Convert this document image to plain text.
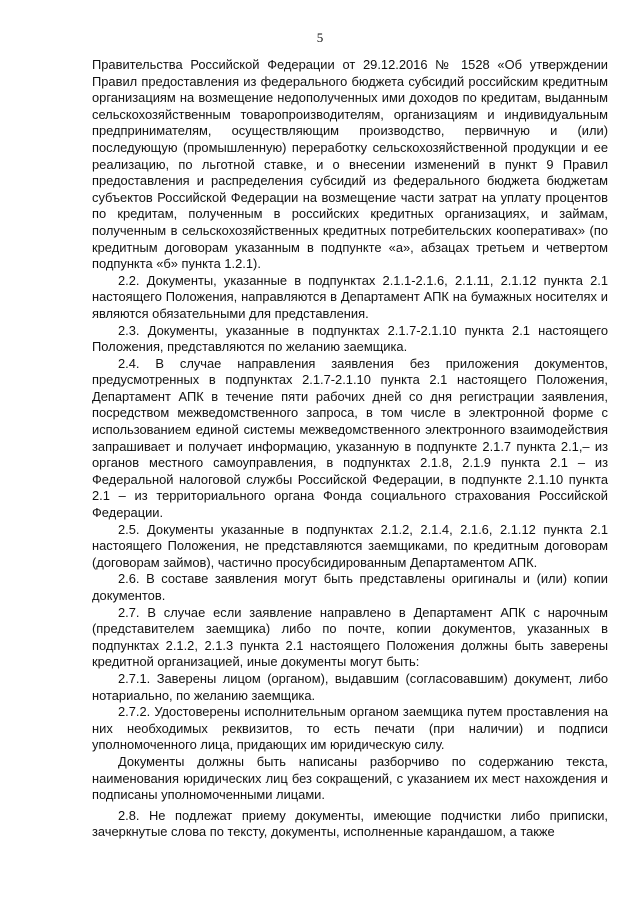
5

Правительства Российской Федерации от 29.12.2016 № 1528 «Об утверждении Правил предоставления из федерального бюджета субсидий российским кредитным организациям на возмещение недополученных ими доходов по кредитам, выданным сельскохозяйственным товаропроизводителям, организациям и индивидуальным предпринимателям, осуществляющим производство, первичную и (или) последующую (промышленную) переработку сельскохозяйственной продукции и ее реализацию, по льготной ставке, и о внесении изменений в пункт 9 Правил предоставления и распределения субсидий из федерального бюджета бюджетам субъектов Российской Федерации на возмещение части затрат на уплату процентов по кредитам, полученным в российских кредитных организациях, и займам, полученным в сельскохозяйственных кредитных потребительских кооперативах» (по кредитным договорам указанным в подпункте «а», абзацах третьем и четвертом подпункта «б» пункта 1.2.1).

2.2. Документы, указанные в подпунктах 2.1.1-2.1.6, 2.1.11, 2.1.12 пункта 2.1 настоящего Положения, направляются в Департамент АПК на бумажных носителях и являются обязательными для представления.

2.3. Документы, указанные в подпунктах 2.1.7-2.1.10 пункта 2.1 настоящего Положения, представляются по желанию заемщика.

2.4. В случае направления заявления без приложения документов, предусмотренных в подпунктах 2.1.7-2.1.10 пункта 2.1 настоящего Положения, Департамент АПК в течение пяти рабочих дней со дня регистрации заявления, посредством межведомственного запроса, в том числе в электронной форме с использованием единой системы межведомственного электронного взаимодействия запрашивает и получает информацию, указанную в подпункте 2.1.7 пункта 2.1,– из органов местного самоуправления, в подпунктах 2.1.8, 2.1.9 пункта 2.1 – из Федеральной налоговой службы Российской Федерации, в подпункте 2.1.10 пункта 2.1 – из территориального органа Фонда социального страхования Российской Федерации.

2.5. Документы указанные в подпунктах 2.1.2, 2.1.4, 2.1.6, 2.1.12 пункта 2.1 настоящего Положения, не представляются заемщиками, по кредитным договорам (договорам займов), частично просубсидированным Департаментом АПК.

2.6. В составе заявления могут быть представлены оригиналы и (или) копии документов.

2.7. В случае если заявление направлено в Департамент АПК с нарочным (представителем заемщика) либо по почте, копии документов, указанных в подпунктах 2.1.2, 2.1.3 пункта 2.1 настоящего Положения должны быть заверены кредитной организацией, иные документы могут быть:

2.7.1. Заверены лицом (органом), выдавшим (согласовавшим) документ, либо нотариально, по желанию заемщика.

2.7.2. Удостоверены исполнительным органом заемщика путем проставления на них необходимых реквизитов, то есть печати (при наличии) и подписи уполномоченного лица, придающих им юридическую силу.

Документы должны быть написаны разборчиво по содержанию текста, наименования юридических лиц без сокращений, с указанием их мест нахождения и подписаны уполномоченными лицами.

2.8. Не подлежат приему документы, имеющие подчистки либо приписки, зачеркнутые слова по тексту, документы, исполненные карандашом, а также
